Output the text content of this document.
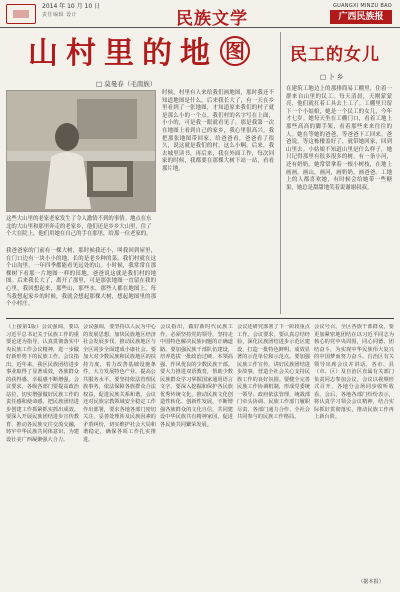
2014 年 10 月 10 日
责任编辑 设计	民族文学
GUANGXI MINZU BAO
广西民族报
山村里的地 图
□ 莫曼春（毛南族）
这些大山里的老家老家发生了令人激情不到的事情。地点在东北的大山里和那里奔走的老家乡，他们还是乡乡大山里，住了个大在院上，他们用她在自己的手在那里，给那一位老家的。
我爸爸家的门前有一棵大树，那时候我还小，叫我回到屋里，在门口边有一块小小的地，长的是老乡种的菜。我们村就在这个山沟里，一年四季都能看见远处的山。小时候，我常常在那棵树下看那一片地图一样的田地，爸爸说这就是我们村的地图。后来我长大了，离开了那里，可是那张地图一直留在我的心里，我回想起来，那些山，那些水，那些人都在地图上。每当我想起家乡的时候，我就会想起那棵大树，想起地图里的那个小村庄。
时候，村里有人来给我们画地图，那时我还不知道地图是什么。后来我长大了，有一天在乡里看到了一张地图，才知道原来我们的村子就是那么小的一个点。我们村的名字写在上面，小小的，可是我一眼就看见了。那是我第一次在地图上看到自己的家乡，我心里很高兴。我把那张地图带回家，给爸爸看，爸爸看了很久，说这就是我们的村，这么小啊。后来，我去城里读书，再后来，我在外面工作，每次回家的时候，我都要在那棵大树下站一站，看看那片地。
民工的女儿
□ 卜 乡
在建筑工地边上的那排简易工棚里，住着一群来自山里的民工。每天清晨，天刚蒙蒙亮，他们就扛着工具去上工了。工棚里只留下一个小姑娘，她是一个民工的女儿，今年才七岁。她每天坐在工棚门口，看着工地上那些高高的脚手架，看着那些来来往往的人。她在等她的爸爸，等爸爸下工回来。爸爸说，等这栋楼盖好了，就带她回家，回到山里去。小姑娘不知道山里是什么样子，她只记得那里有很多很多的树，有一条小河，还有奶奶。她常常拿着一根小树枝，在地上画画，画山，画河，画奶奶，画爸爸。工地上的人都喜欢她，有时候会给她带一些糖果，她总是甜甜地笑着说谢谢叔叔。
（上接第1版）会议强调，要以习近平总书记关于民族工作的重要论述为指导，认真贯彻落实中央民族工作会议精神，进一步做好新形势下的民族工作。会议指出，近年来，我区民族团结进步事业取得了显著成效，各族群众的获得感、幸福感不断增强。会议要求，各级各部门要提高政治站位，切实增强做好民族工作的责任感和使命感，把民族团结进步创建工作抓紧抓实抓出成效。要深入开展民族团结进步宣传教育，推动各民族交往交流交融，铸牢中华民族共同体意识，为建设壮美广西凝聚强大合力。
会议强调，要坚持以人民为中心的发展思想，加快民族地区经济社会发展步伐，推动民族地区与全区同步全面建成小康社会。要加大对少数民族和民族地区的扶持力度，着力改善基础设施条件，大力发展特色产业，提高公共服务水平。要坚持依法管理民族事务，依法保障各族群众合法权益，促进民族关系和谐。会议还对民族宗教领域安全稳定工作作出部署，要求各地各部门密切关注，妥善处理涉及民族因素的矛盾纠纷，切实维护社会大局和谐稳定，确保各项工作扎实推进。
会议指出，做好新时代民族工作，必须坚持党的领导，坚持走中国特色解决民族问题的正确道路。要加强民族干部队伍建设，培养选拔一批政治过硬、本领高强、作风优良的少数民族干部。要大力推进双语教育，帮助少数民族群众学习掌握国家通用语言文字。要深入挖掘和保护各民族优秀传统文化，推动民族文化创造性转化、创新性发展，不断增强各族群众的文化自信，共同建设中华民族共有精神家园，促进各民族共同繁荣发展。
会议还研究部署了下一阶段重点工作。会议要求，要认真总结经验，深化民族团结进步示范区建设，打造一批特色鲜明、成效显著的示范单位和示范点。要加强民族工作宣传，讲好民族团结进步故事，营造全社会关心支持民族工作的良好氛围。要健全完善民族工作协调机制，形成党委统一领导、政府依法管理、统战部门牵头协调、民族工作部门履职尽责、各部门通力合作、全社会共同参与的民族工作格局。
会议号召，全区各族干部群众，要更加紧密地团结在以习近平同志为核心的党中央周围，同心同德、团结奋斗，为实现中华民族伟大复兴的中国梦而努力奋斗。自治区有关领导出席会议并讲话，各市、县（市、区）及自治区直属有关部门负责同志参加会议。会议以视频形式召开，各地分会场同步收听收看。会后，各地各部门纷纷表示，将认真学习领会会议精神，结合实际抓好贯彻落实，推动民族工作再上新台阶。
（据本报）
